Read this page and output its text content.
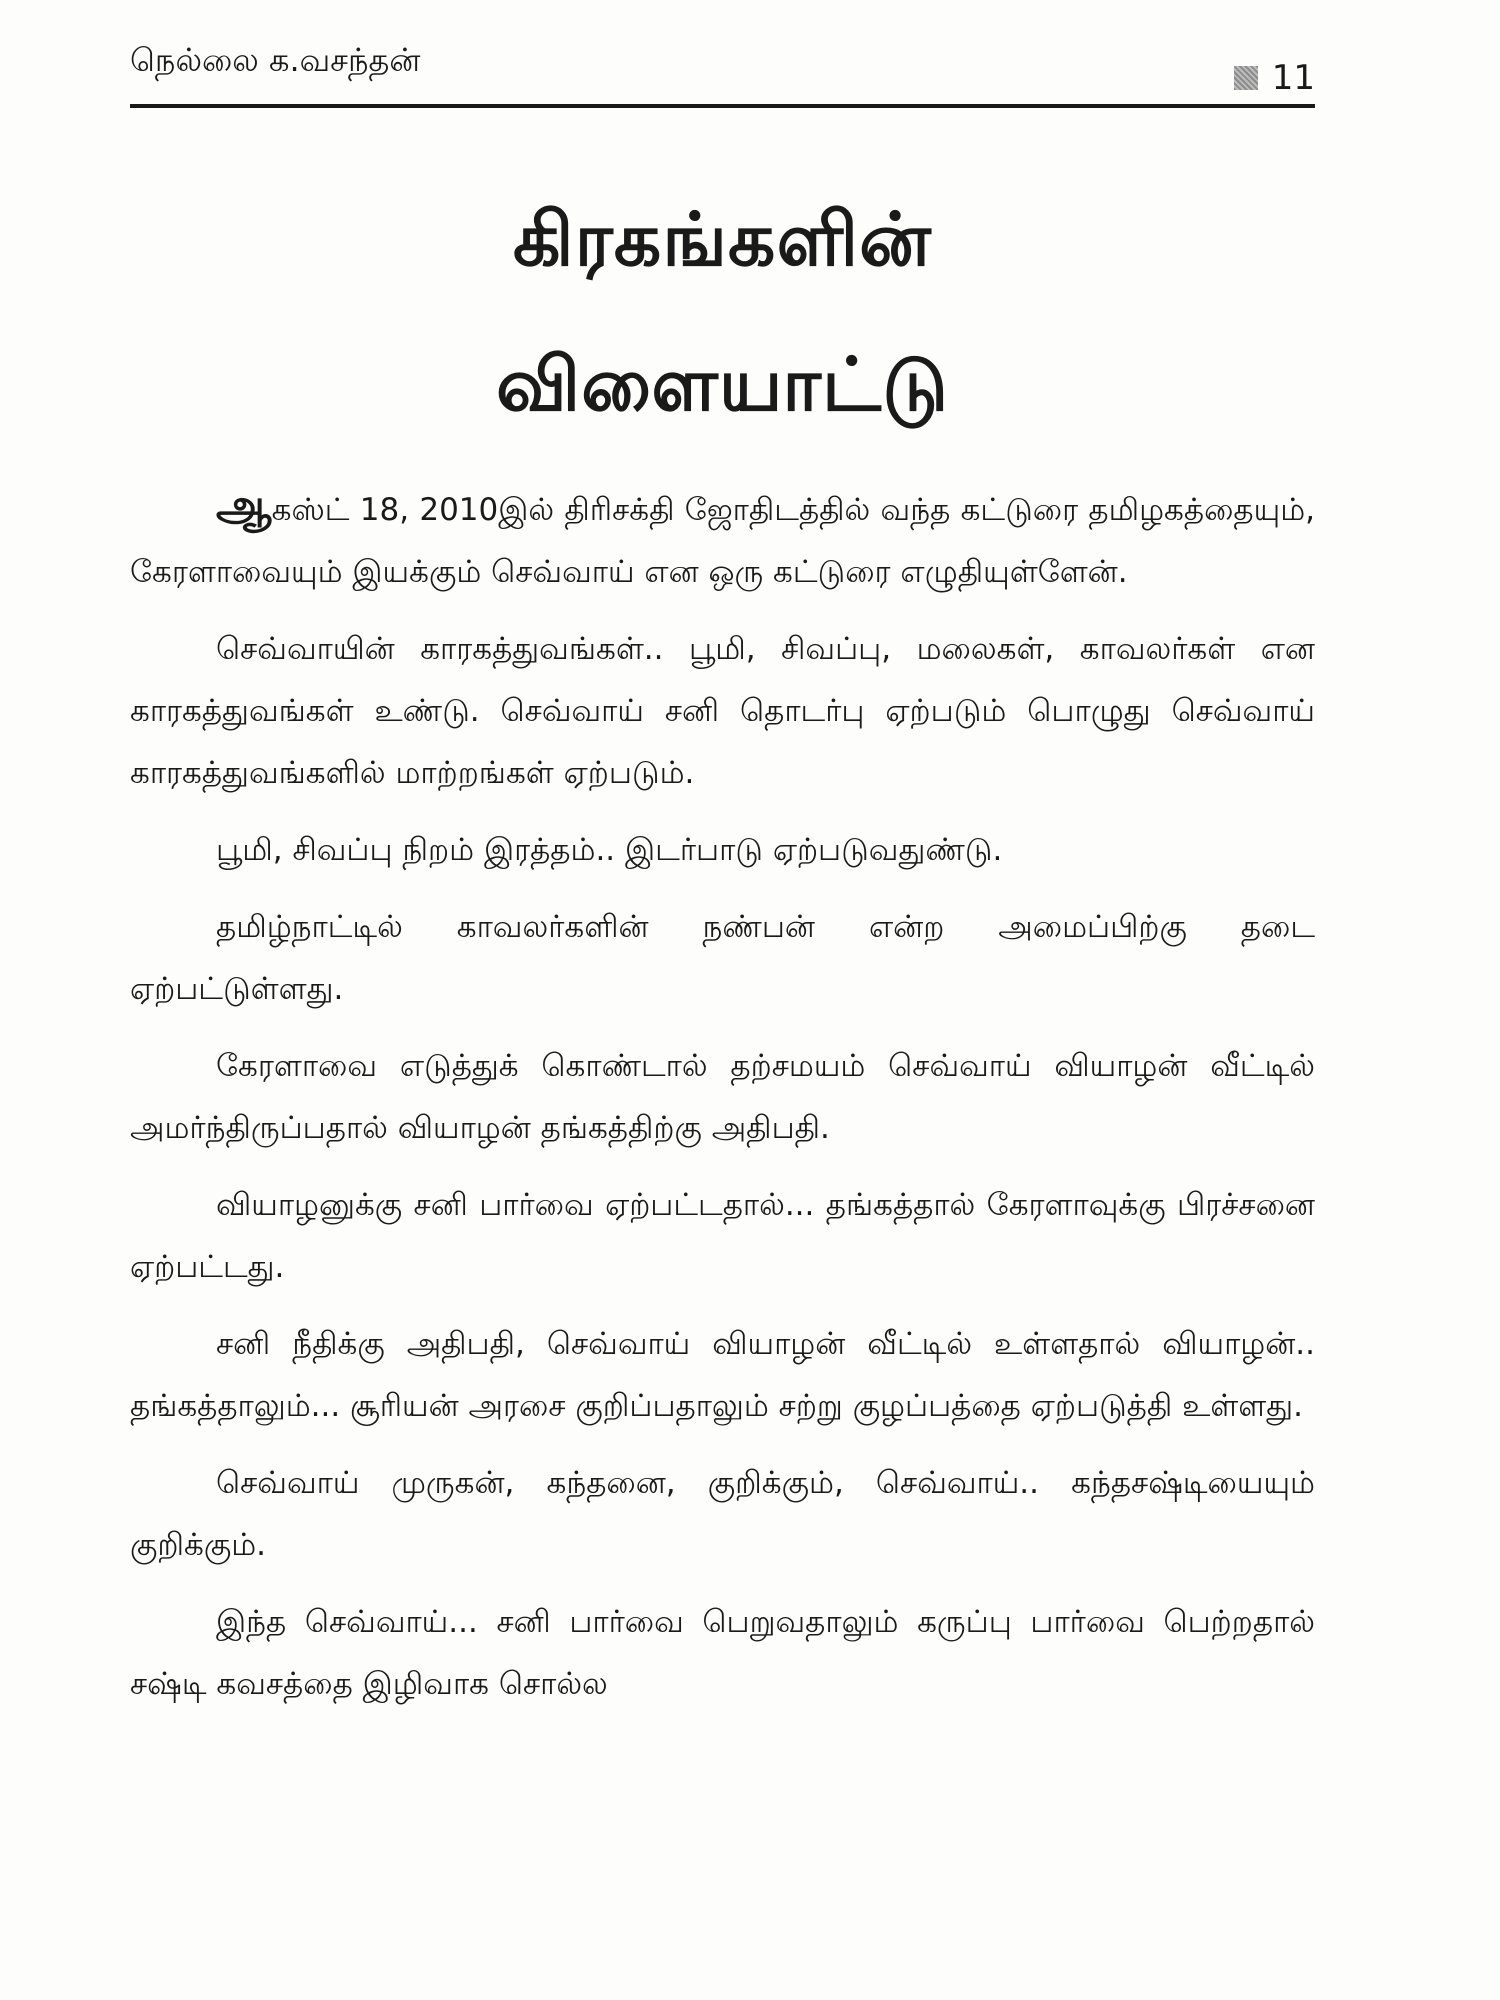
நெல்லை க.வசந்தன்	11
கிரகங்களின்
விளையாட்டு

ஆகஸ்ட் 18, 2010இல் திரிசக்தி ஜோதிடத்தில் வந்த கட்டுரை தமிழகத்தையும், கேரளாவையும் இயக்கும் செவ்வாய் என ஒரு கட்டுரை எழுதியுள்ளேன்.

செவ்வாயின் காரகத்துவங்கள்.. பூமி, சிவப்பு, மலைகள், காவலர்கள் என காரகத்துவங்கள் உண்டு. செவ்வாய் சனி தொடர்பு ஏற்படும் பொழுது செவ்வாய் காரகத்துவங்களில் மாற்றங்கள் ஏற்படும்.

பூமி, சிவப்பு நிறம் இரத்தம்.. இடர்பாடு ஏற்படுவதுண்டு.

தமிழ்நாட்டில் காவலர்களின் நண்பன் என்ற அமைப்பிற்கு தடை ஏற்பட்டுள்ளது.

கேரளாவை எடுத்துக் கொண்டால் தற்சமயம் செவ்வாய் வியாழன் வீட்டில் அமர்ந்திருப்பதால் வியாழன் தங்கத்திற்கு அதிபதி.

வியாழனுக்கு சனி பார்வை ஏற்பட்டதால்... தங்கத்தால் கேரளாவுக்கு பிரச்சனை ஏற்பட்டது.

சனி நீதிக்கு அதிபதி, செவ்வாய் வியாழன் வீட்டில் உள்ளதால் வியாழன்.. தங்கத்தாலும்... சூரியன் அரசை குறிப்பதாலும் சற்று குழப்பத்தை ஏற்படுத்தி உள்ளது.

செவ்வாய் முருகன், கந்தனை, குறிக்கும், செவ்வாய்.. கந்தசஷ்டியையும் குறிக்கும்.

இந்த செவ்வாய்... சனி பார்வை பெறுவதாலும் கருப்பு பார்வை பெற்றதால் சஷ்டி கவசத்தை இழிவாக சொல்ல
